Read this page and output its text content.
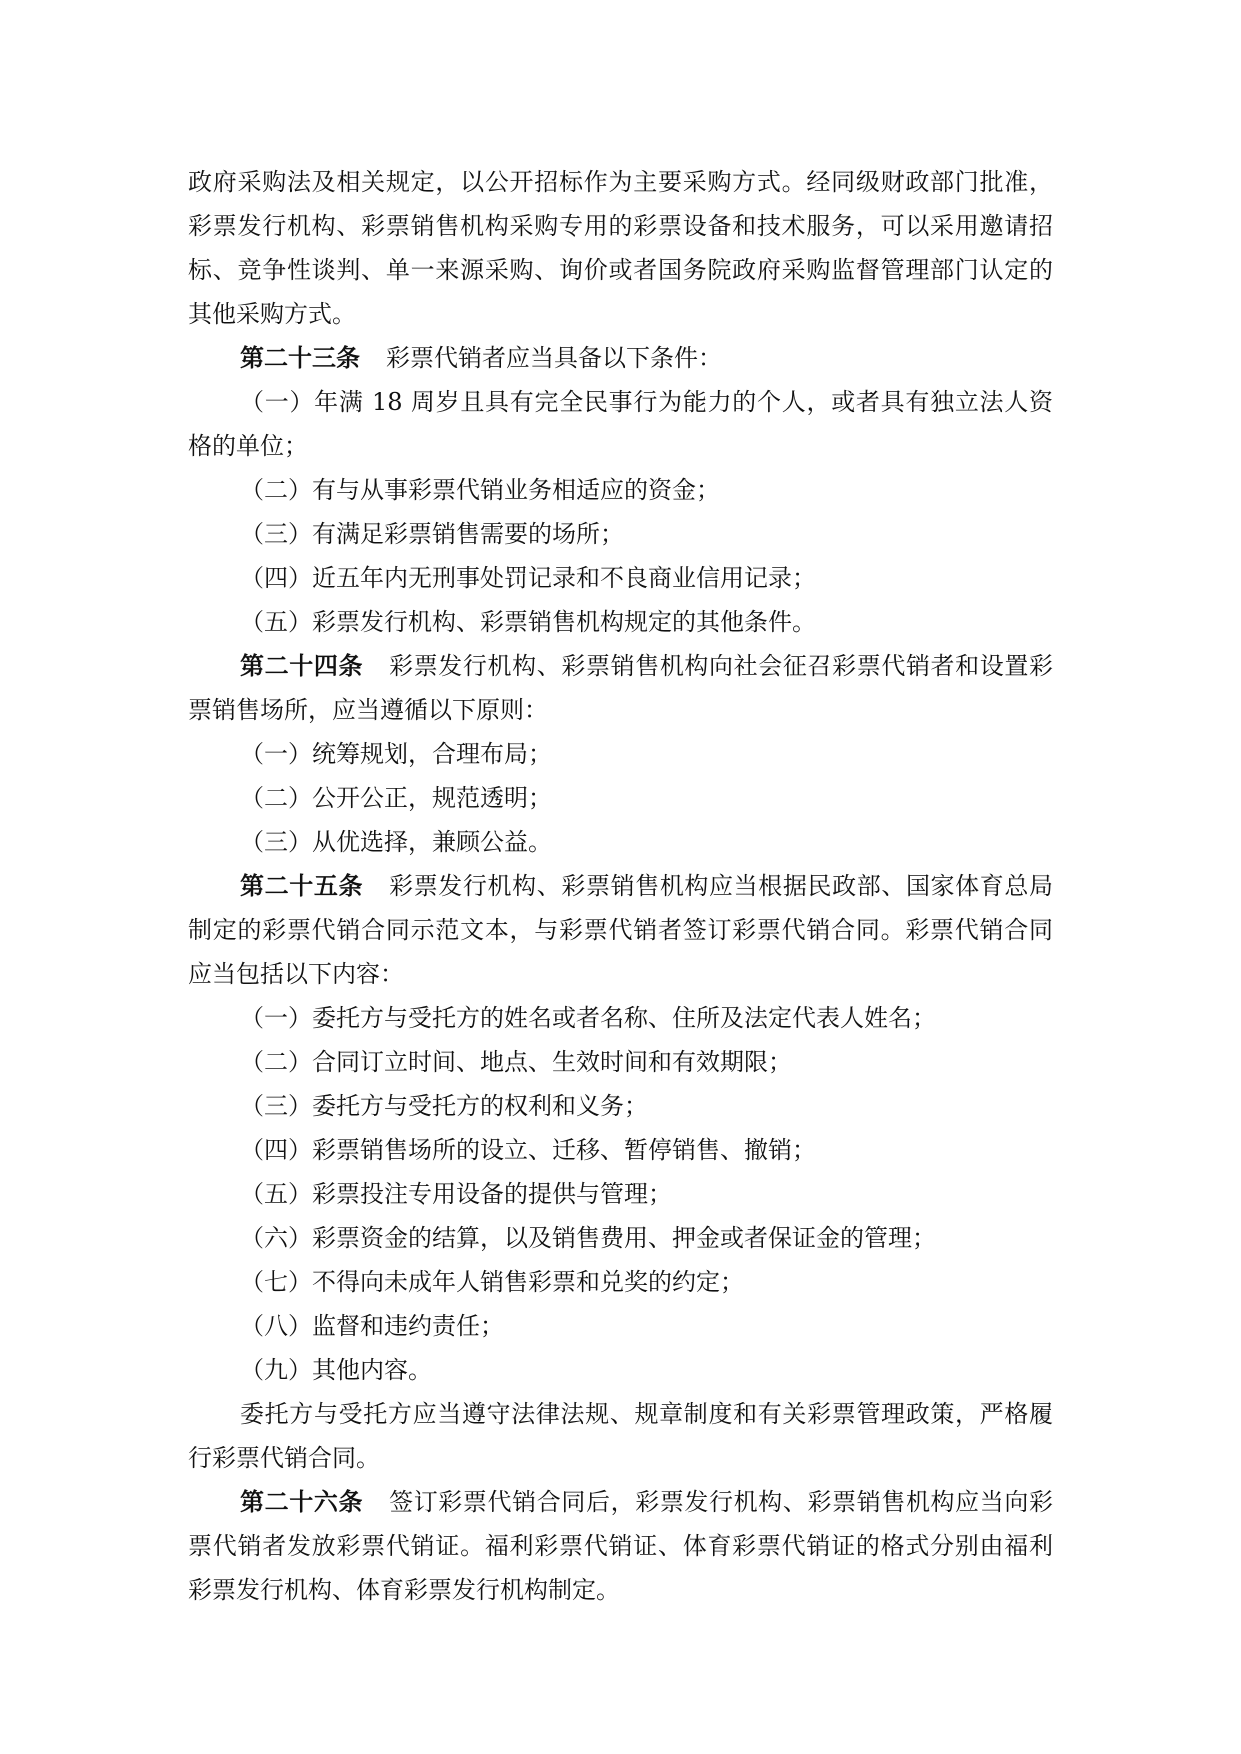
政府采购法及相关规定，以公开招标作为主要采购方式。经同级财政部门批准，
彩票发行机构、彩票销售机构采购专用的彩票设备和技术服务，可以采用邀请招
标、竞争性谈判、单一来源采购、询价或者国务院政府采购监督管理部门认定的
其他采购方式。
第二十三条 彩票代销者应当具备以下条件：
（一）年满 18 周岁且具有完全民事行为能力的个人，或者具有独立法人资
格的单位；
（二）有与从事彩票代销业务相适应的资金；
（三）有满足彩票销售需要的场所；
（四）近五年内无刑事处罚记录和不良商业信用记录；
（五）彩票发行机构、彩票销售机构规定的其他条件。
第二十四条 彩票发行机构、彩票销售机构向社会征召彩票代销者和设置彩
票销售场所，应当遵循以下原则：
（一）统筹规划，合理布局；
（二）公开公正，规范透明；
（三）从优选择，兼顾公益。
第二十五条 彩票发行机构、彩票销售机构应当根据民政部、国家体育总局
制定的彩票代销合同示范文本，与彩票代销者签订彩票代销合同。彩票代销合同
应当包括以下内容：
（一）委托方与受托方的姓名或者名称、住所及法定代表人姓名；
（二）合同订立时间、地点、生效时间和有效期限；
（三）委托方与受托方的权利和义务；
（四）彩票销售场所的设立、迁移、暂停销售、撤销；
（五）彩票投注专用设备的提供与管理；
（六）彩票资金的结算，以及销售费用、押金或者保证金的管理；
（七）不得向未成年人销售彩票和兑奖的约定；
（八）监督和违约责任；
（九）其他内容。
委托方与受托方应当遵守法律法规、规章制度和有关彩票管理政策，严格履
行彩票代销合同。
第二十六条 签订彩票代销合同后，彩票发行机构、彩票销售机构应当向彩
票代销者发放彩票代销证。福利彩票代销证、体育彩票代销证的格式分别由福利
彩票发行机构、体育彩票发行机构制定。
